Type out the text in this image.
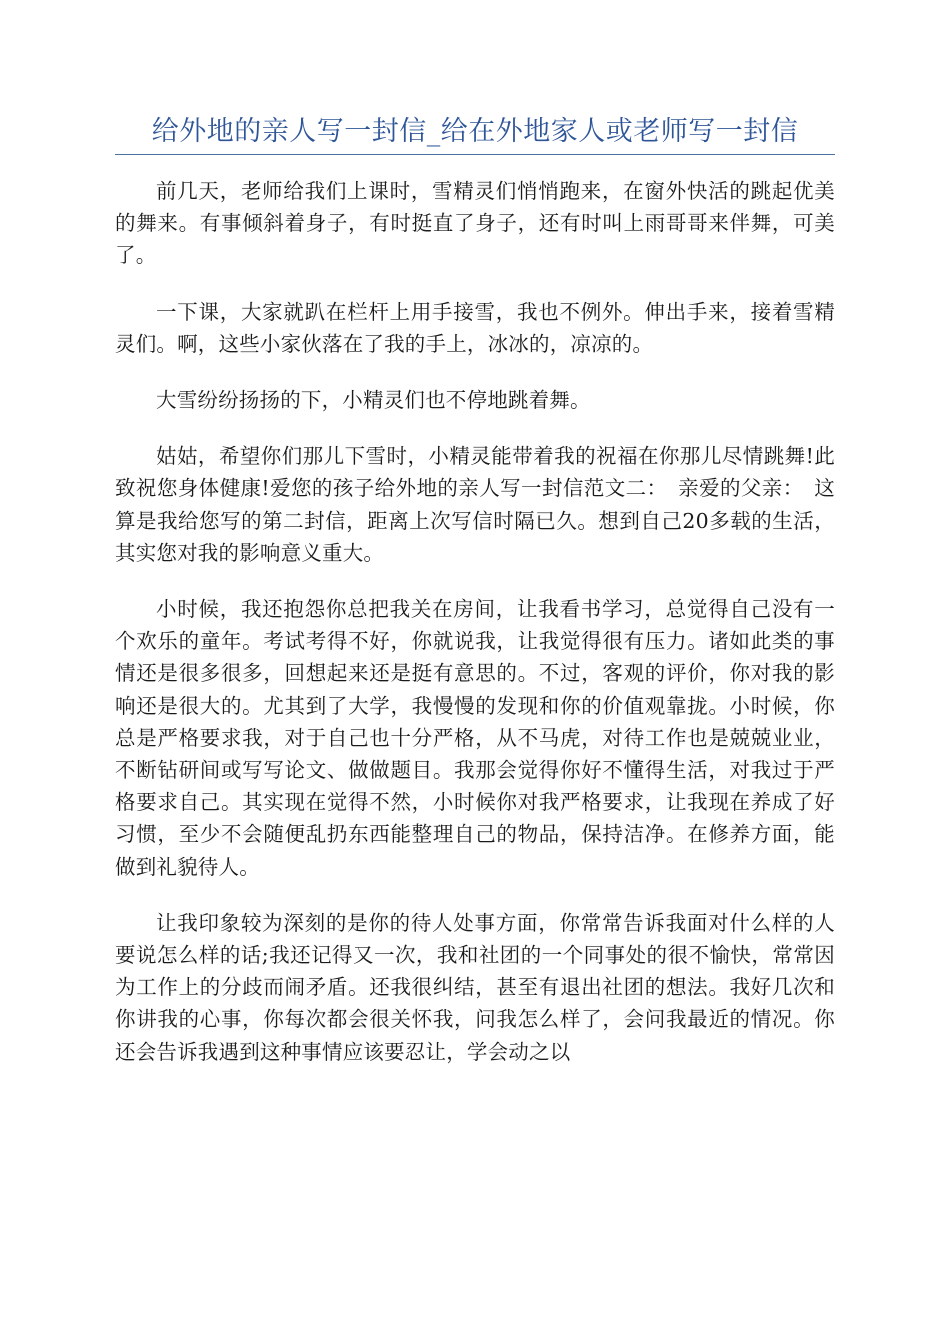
给外地的亲人写一封信_给在外地家人或老师写一封信

前几天，老师给我们上课时，雪精灵们悄悄跑来，在窗外快活的跳起优美的舞来。有事倾斜着身子，有时挺直了身子，还有时叫上雨哥哥来伴舞，可美了。

一下课，大家就趴在栏杆上用手接雪，我也不例外。伸出手来，接着雪精灵们。啊，这些小家伙落在了我的手上，冰冰的，凉凉的。

大雪纷纷扬扬的下，小精灵们也不停地跳着舞。

姑姑，希望你们那儿下雪时，小精灵能带着我的祝福在你那儿尽情跳舞!此致祝您身体健康!爱您的孩子给外地的亲人写一封信范文二：　亲爱的父亲：　这算是我给您写的第二封信，距离上次写信时隔已久。想到自己20多载的生活，其实您对我的影响意义重大。

小时候，我还抱怨你总把我关在房间，让我看书学习，总觉得自己没有一个欢乐的童年。考试考得不好，你就说我，让我觉得很有压力。诸如此类的事情还是很多很多，回想起来还是挺有意思的。不过，客观的评价，你对我的影响还是很大的。尤其到了大学，我慢慢的发现和你的价值观靠拢。小时候，你总是严格要求我，对于自己也十分严格，从不马虎，对待工作也是兢兢业业，不断钻研间或写写论文、做做题目。我那会觉得你好不懂得生活，对我过于严格要求自己。其实现在觉得不然，小时候你对我严格要求，让我现在养成了好习惯，至少不会随便乱扔东西能整理自己的物品，保持洁净。在修养方面，能做到礼貌待人。

让我印象较为深刻的是你的待人处事方面，你常常告诉我面对什么样的人要说怎么样的话;我还记得又一次，我和社团的一个同事处的很不愉快，常常因为工作上的分歧而闹矛盾。还我很纠结，甚至有退出社团的想法。我好几次和你讲我的心事，你每次都会很关怀我，问我怎么样了，会问我最近的情况。你还会告诉我遇到这种事情应该要忍让，学会动之以
